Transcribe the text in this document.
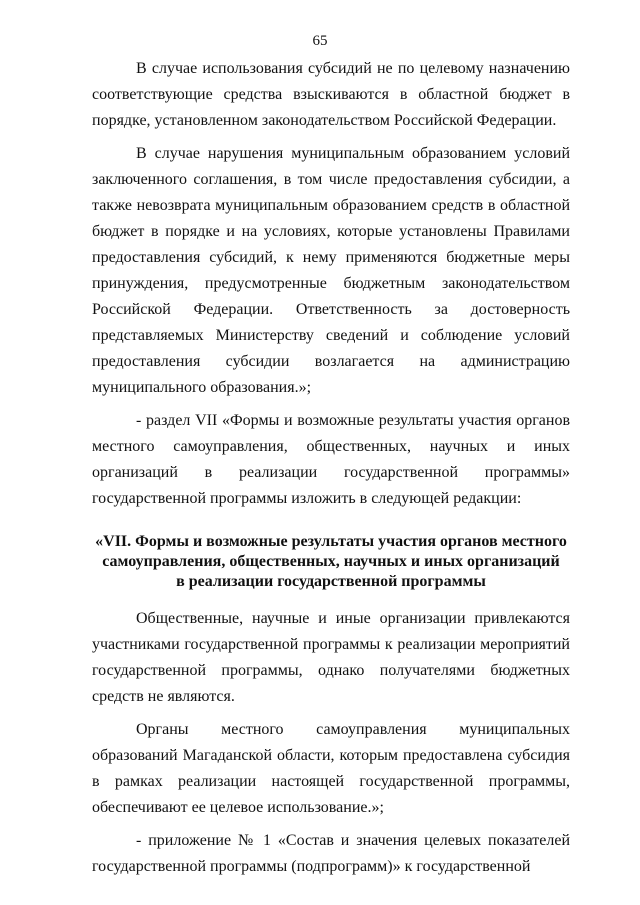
65

В случае использования субсидий не по целевому назначению соответствующие средства взыскиваются в областной бюджет в порядке, установленном законодательством Российской Федерации.

В случае нарушения муниципальным образованием условий заключенного соглашения, в том числе предоставления субсидии, а также невозврата муниципальным образованием средств в областной бюджет в порядке и на условиях, которые установлены Правилами предоставления субсидий, к нему применяются бюджетные меры принуждения, предусмотренные бюджетным законодательством Российской Федерации. Ответственность за достоверность представляемых Министерству сведений и соблюдение условий предоставления субсидии возлагается на администрацию муниципального образования.»;

- раздел VII «Формы и возможные результаты участия органов местного самоуправления, общественных, научных и иных организаций в реализации государственной программы» государственной программы изложить в следующей редакции:

«VII. Формы и возможные результаты участия органов местного
самоуправления, общественных, научных и иных организаций
в реализации государственной программы

Общественные, научные и иные организации привлекаются участниками государственной программы к реализации мероприятий государственной программы, однако получателями бюджетных средств не являются.

Органы местного самоуправления муниципальных образований Магаданской области, которым предоставлена субсидия в рамках реализации настоящей государственной программы, обеспечивают ее целевое использование.»;

- приложение № 1 «Состав и значения целевых показателей государственной программы (подпрограмм)» к государственной
